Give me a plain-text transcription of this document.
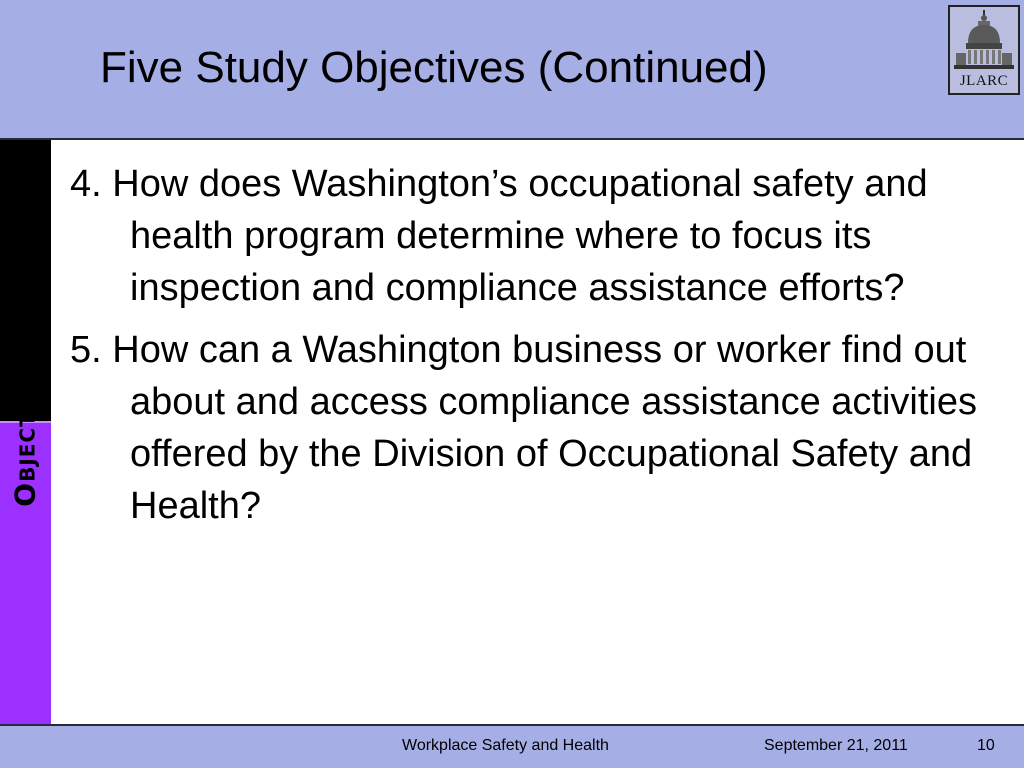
Five Study Objectives (Continued)	JLARC
Objectives

4. How does Washington’s occupational safety and health program determine where to focus its inspection and compliance assistance efforts?

5. How can a Washington business or worker find out about and access compliance assistance activities offered by the Division of Occupational Safety and Health?

Workplace Safety and Health	September 21, 2011	10
